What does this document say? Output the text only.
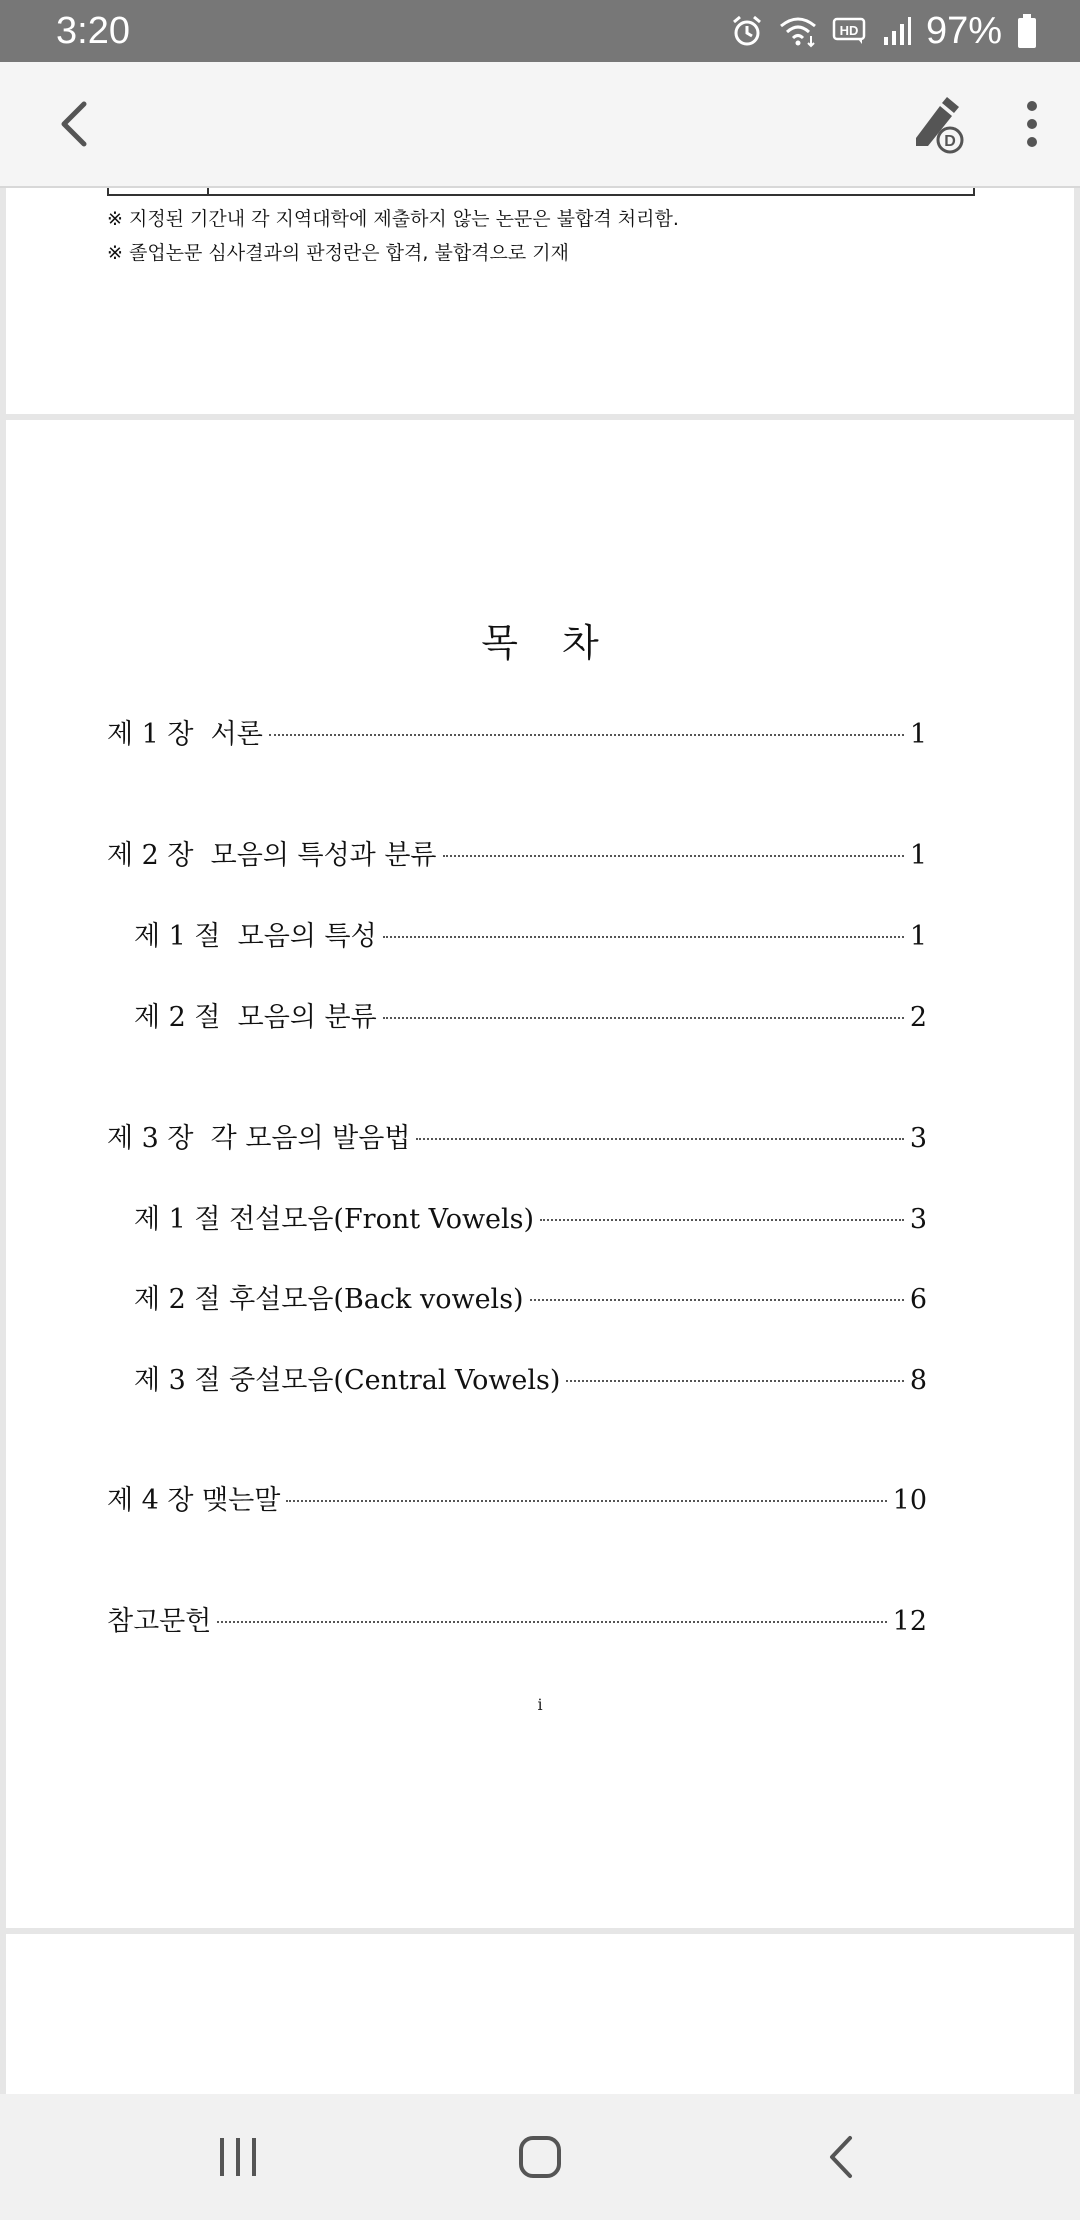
3:20	HD 97%
D
※ 지정된 기간내 각 지역대학에 제출하지 않는 논문은 불합격 처리함.
※ 졸업논문 심사결과의 판정란은 합격, 불합격으로 기재
목차
제 1 장  서론	1
제 2 장  모음의 특성과 분류	1
제 1 절  모음의 특성	1
제 2 절  모음의 분류	2
제 3 장  각 모음의 발음법	3
제 1 절 전설모음(Front Vowels)	3
제 2 절 후설모음(Back vowels)	6
제 3 절 중설모음(Central Vowels)	8
제 4 장 맺는말	10
참고문헌	12
i
